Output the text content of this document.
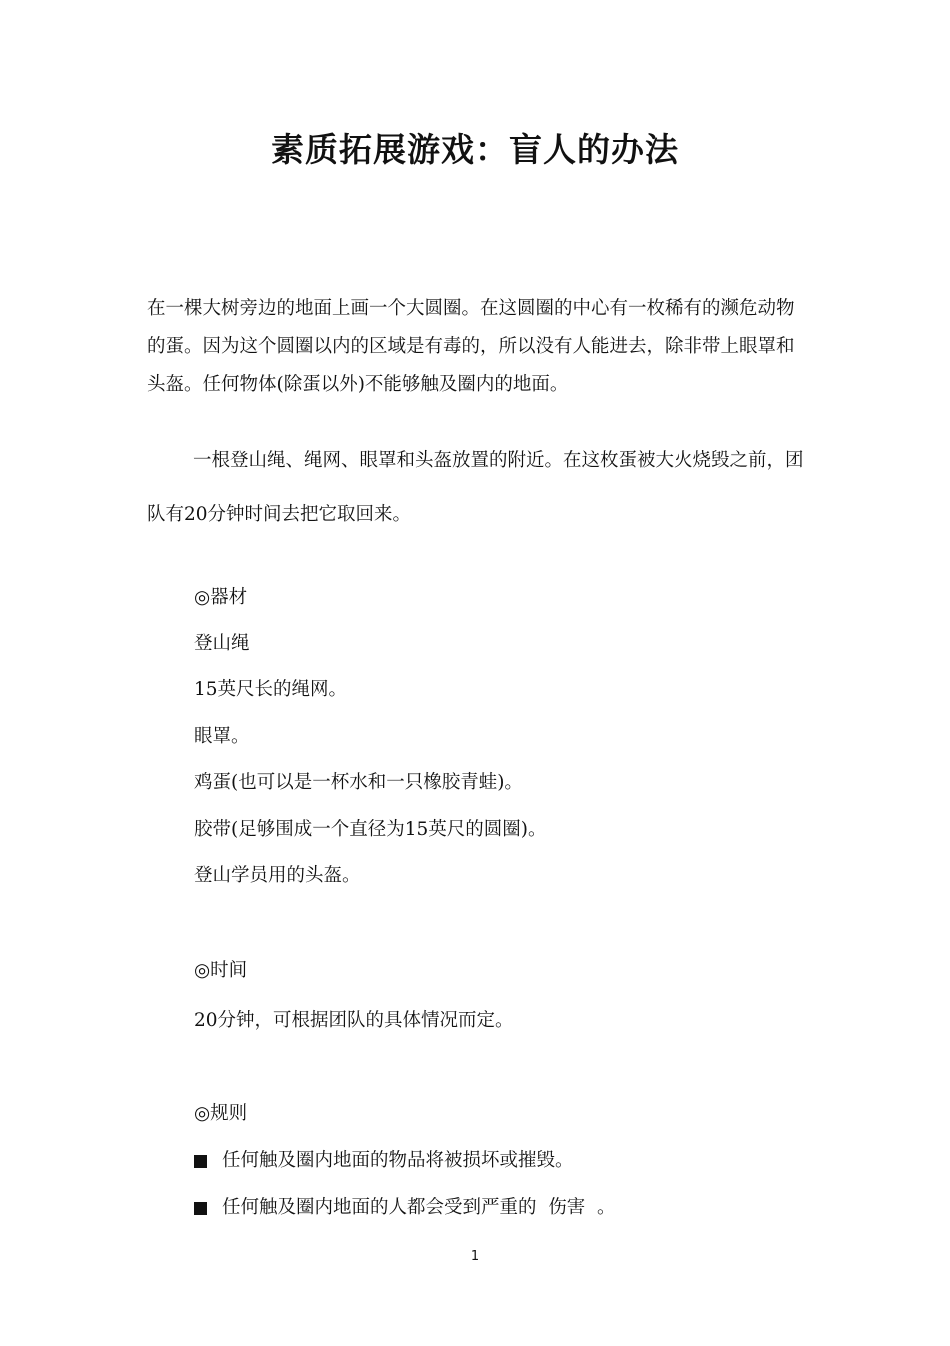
素质拓展游戏：盲人的办法

在一棵大树旁边的地面上画一个大圆圈。在这圆圈的中心有一枚稀有的濒危动物的蛋。因为这个圆圈以内的区域是有毒的，所以没有人能进去，除非带上眼罩和头盔。任何物体(除蛋以外)不能够触及圈内的地面。

一根登山绳、绳网、眼罩和头盔放置的附近。在这枚蛋被大火烧毁之前，团队有20分钟时间去把它取回来。

◎器材
登山绳
15英尺长的绳网。
眼罩。
鸡蛋(也可以是一杯水和一只橡胶青蛙)。
胶带(足够围成一个直径为15英尺的圆圈)。
登山学员用的头盔。
◎时间
20分钟，可根据团队的具体情况而定。
◎规则
任何触及圈内地面的物品将被损坏或摧毁。
任何触及圈内地面的人都会受到严重的  伤害  。
1
